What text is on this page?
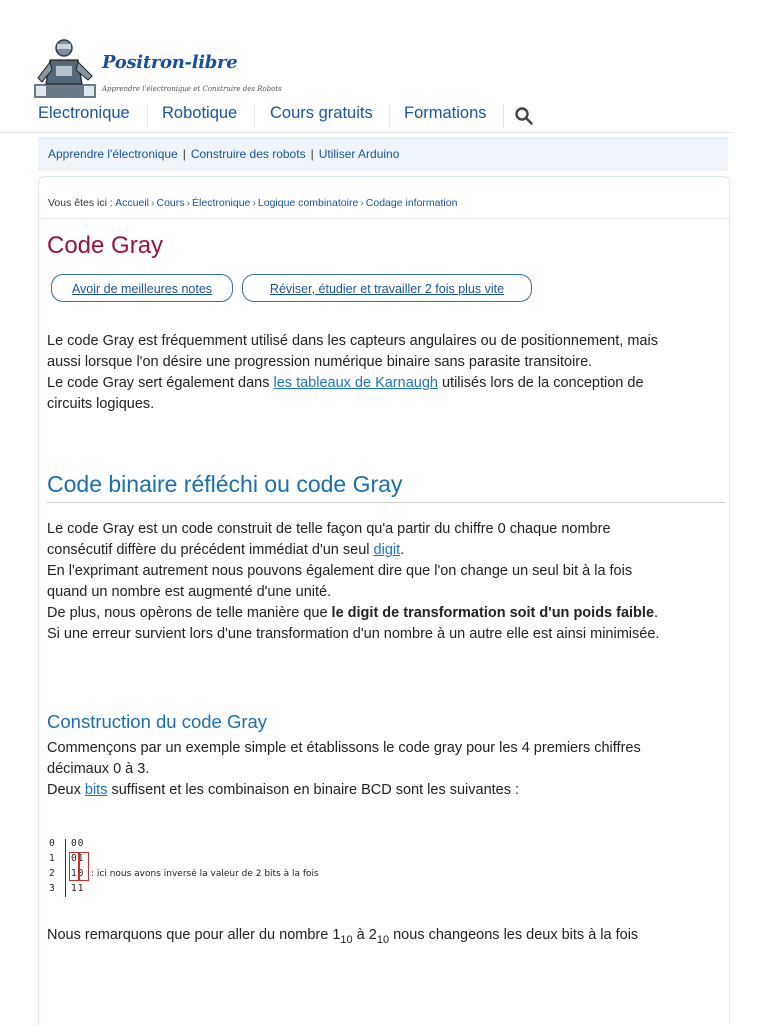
Positron-libre
Apprendre l'électronique et Construire des Robots
Electronique Robotique Cours gratuits Formations
Apprendre l'électronique | Construire des robots | Utiliser Arduino
Vous êtes ici : Accueil › Cours › Électronique › Logique combinatoire › Codage information
Code Gray
Avoir de meilleures notes	Réviser, étudier et travailler 2 fois plus vite
Le code Gray est fréquemment utilisé dans les capteurs angulaires ou de positionnement, mais
aussi lorsque l'on désire une progression numérique binaire sans parasite transitoire.
Le code Gray sert également dans les tableaux de Karnaugh utilisés lors de la conception de
circuits logiques.
Code binaire réfléchi ou code Gray
Le code Gray est un code construit de telle façon qu'a partir du chiffre 0 chaque nombre
consécutif diffère du précédent immédiat d'un seul digit.
En l'exprimant autrement nous pouvons également dire que l'on change un seul bit à la fois
quand un nombre est augmenté d'une unité.
De plus, nous opèrons de telle manière que le digit de transformation soit d'un poids faible.
Si une erreur survient lors d'une transformation d'un nombre à un autre elle est ainsi minimisée.
Construction du code Gray
Commençons par un exemple simple et établissons le code gray pour les 4 premiers chiffres
décimaux 0 à 3.
Deux bits suffisent et les combinaison en binaire BCD sont les suivantes :
0	00
1	01
2	10 : ici nous avons inversé la valeur de 2 bits à la fois
3	11
Nous remarquons que pour aller du nombre $1_{10}$ à $2_{10}$ nous changeons les deux bits à la fois
